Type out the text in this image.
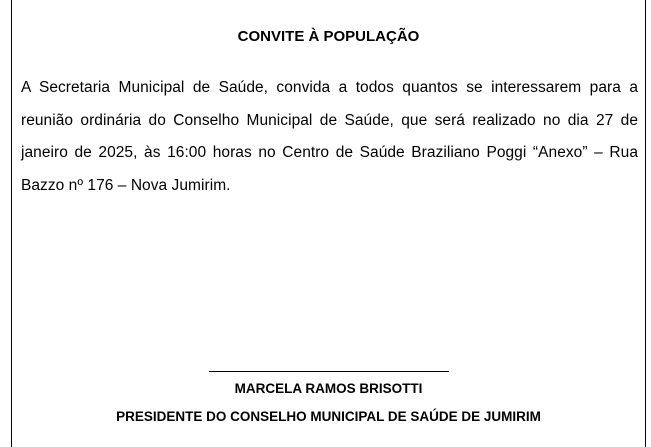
CONVITE À POPULAÇÃO

A Secretaria Municipal de Saúde, convida a todos quantos se interessarem para a reunião ordinária do Conselho Municipal de Saúde, que será realizado no dia 27 de janeiro de 2025, às 16:00 horas no Centro de Saúde Braziliano Poggi “Anexo” – Rua Bazzo nº 176 – Nova Jumirim.

MARCELA RAMOS BRISOTTI

PRESIDENTE DO CONSELHO MUNICIPAL DE SAÚDE DE JUMIRIM
